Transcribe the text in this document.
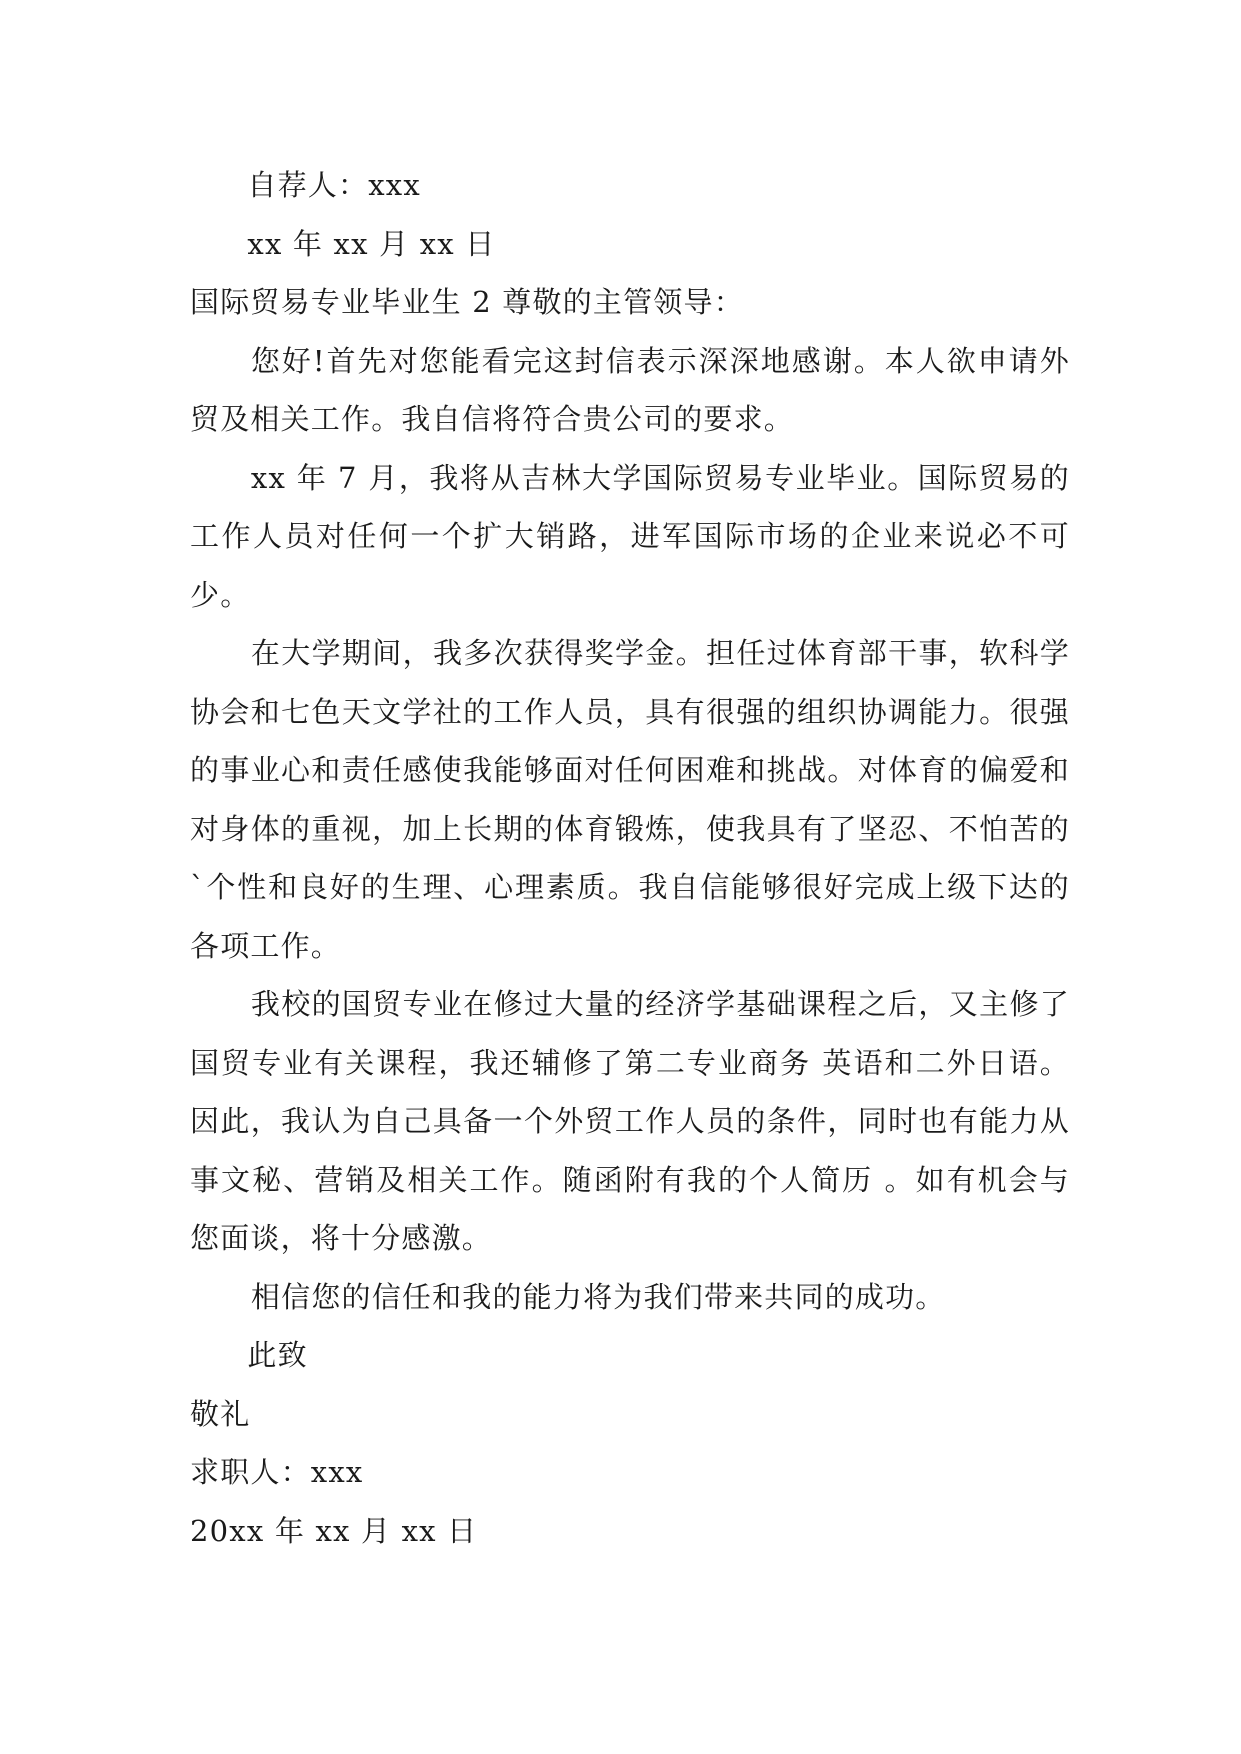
自荐人：xxx
xx 年 xx 月 xx 日
国际贸易专业毕业生 2 尊敬的主管领导：
您好!首先对您能看完这封信表示深深地感谢。本人欲申请外贸及相关工作。我自信将符合贵公司的要求。
xx 年 7 月，我将从吉林大学国际贸易专业毕业。国际贸易的工作人员对任何一个扩大销路，进军国际市场的企业来说必不可少。
在大学期间，我多次获得奖学金。担任过体育部干事，软科学协会和七色天文学社的工作人员，具有很强的组织协调能力。很强的事业心和责任感使我能够面对任何困难和挑战。对体育的偏爱和对身体的重视，加上长期的体育锻炼，使我具有了坚忍、不怕苦的`个性和良好的生理、心理素质。我自信能够很好完成上级下达的各项工作。
我校的国贸专业在修过大量的经济学基础课程之后，又主修了国贸专业有关课程，我还辅修了第二专业商务 英语和二外日语。因此，我认为自己具备一个外贸工作人员的条件，同时也有能力从事文秘、营销及相关工作。随函附有我的个人简历 。如有机会与您面谈，将十分感激。
相信您的信任和我的能力将为我们带来共同的成功。
此致
敬礼
求职人：xxx
20xx 年 xx 月 xx 日
